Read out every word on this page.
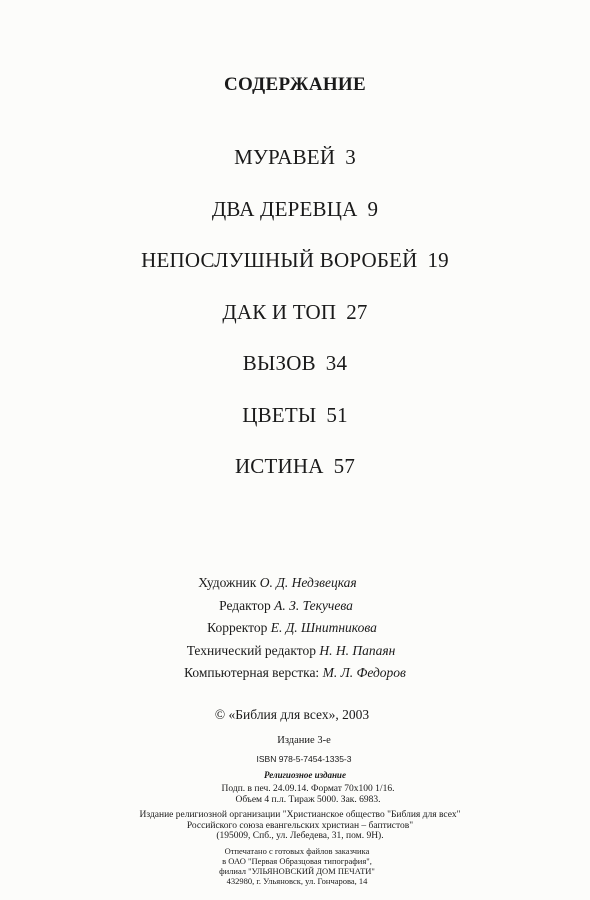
СОДЕРЖАНИЕ
МУРАВЕЙ 3
ДВА ДЕРЕВЦА 9
НЕПОСЛУШНЫЙ ВОРОБЕЙ 19
ДАК И ТОП 27
ВЫЗОВ 34
ЦВЕТЫ 51
ИСТИНА 57
Художник О. Д. Недзвецкая
Редактор А. З. Текучева
Корректор Е. Д. Шнитникова
Технический редактор Н. Н. Папаян
Компьютерная верстка: М. Л. Федоров
© «Библия для всех», 2003
Издание 3-е
ISBN 978-5-7454-1335-3
Религиозное издание
Подп. в печ. 24.09.14. Формат 70x100 1/16.
Объем 4 п.л. Тираж 5000. Зак. 6983.
Издание религиозной организации "Христианское общество "Библия для всех"
Российского союза евангельских христиан – баптистов"
(195009, Спб., ул. Лебедева, 31, пом. 9Н).
Отпечатано с готовых файлов заказчика
в ОАО "Первая Образцовая типография",
филиал "УЛЬЯНОВСКИЙ ДОМ ПЕЧАТИ"
432980, г. Ульяновск, ул. Гончарова, 14
